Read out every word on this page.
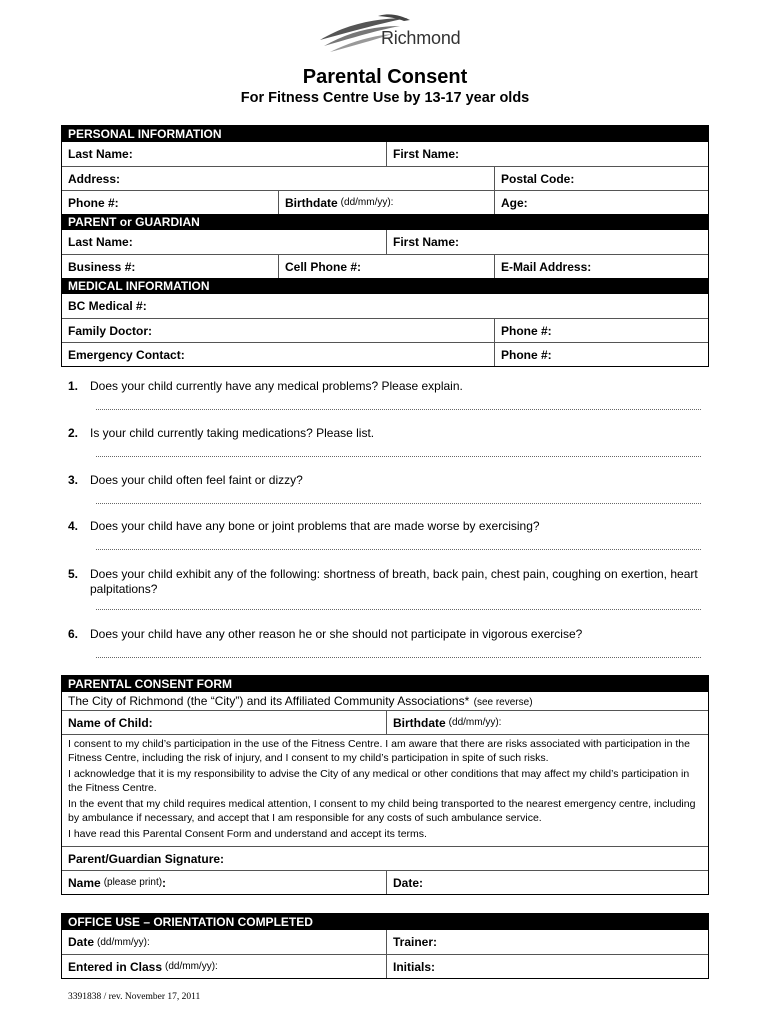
Richmond
Parental Consent
For Fitness Centre Use by 13-17 year olds
PERSONAL INFORMATION
Last Name:	First Name:
Address:	Postal Code:
Phone #:	Birthdate (dd/mm/yy):	Age:
PARENT or GUARDIAN
Last Name:	First Name:
Business #:	Cell Phone #:	E-Mail Address:
MEDICAL INFORMATION
BC Medical #:
Family Doctor:	Phone #:
Emergency Contact:	Phone #:
1. Does your child currently have any medical problems? Please explain.
2. Is your child currently taking medications? Please list.
3. Does your child often feel faint or dizzy?
4. Does your child have any bone or joint problems that are made worse by exercising?
5. Does your child exhibit any of the following: shortness of breath, back pain, chest pain, coughing on exertion, heart palpitations?
6. Does your child have any other reason he or she should not participate in vigorous exercise?
PARENTAL CONSENT FORM
The City of Richmond (the “City”) and its Affiliated Community Associations* (see reverse)
Name of Child:	Birthdate (dd/mm/yy):

I consent to my child’s participation in the use of the Fitness Centre. I am aware that there are risks associated with participation in the Fitness Centre, including the risk of injury, and I consent to my child’s participation in spite of such risks.

I acknowledge that it is my responsibility to advise the City of any medical or other conditions that may affect my child’s participation in the Fitness Centre.

In the event that my child requires medical attention, I consent to my child being transported to the nearest emergency centre, including by ambulance if necessary, and accept that I am responsible for any costs of such ambulance service.

I have read this Parental Consent Form and understand and accept its terms.

Parent/Guardian Signature:
Name (please print) :	Date:
OFFICE USE – ORIENTATION COMPLETED
Date (dd/mm/yy):	Trainer:
Entered in Class (dd/mm/yy):	Initials:
3391838 / rev. November 17, 2011
